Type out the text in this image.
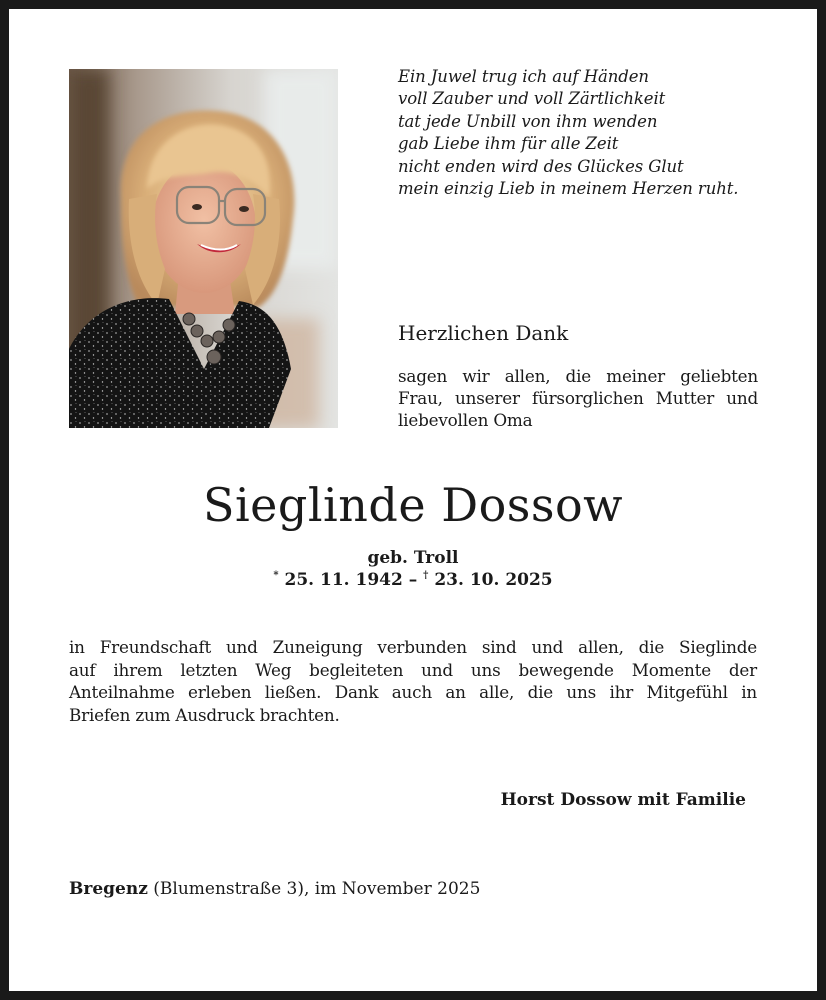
Ein Juwel trug ich auf Händen
voll Zauber und voll Zärtlichkeit
tat jede Unbill von ihm wenden
gab Liebe ihm für alle Zeit
nicht enden wird des Glückes Glut
mein einzig Lieb in meinem Herzen ruht.
Herzlichen Dank
sagen wir allen, die meiner geliebten
Frau, unserer fürsorglichen Mutter und
liebevollen Oma
Sieglinde Dossow
geb. Troll
* 25. 11. 1942 – † 23. 10. 2025
in Freundschaft und Zuneigung verbunden sind und allen, die Sieglinde
auf ihrem letzten Weg begleiteten und uns bewegende Momente der
Anteilnahme erleben ließen. Dank auch an alle, die uns ihr Mitgefühl in
Briefen zum Ausdruck brachten.
Horst Dossow mit Familie
Bregenz (Blumenstraße 3), im November 2025
